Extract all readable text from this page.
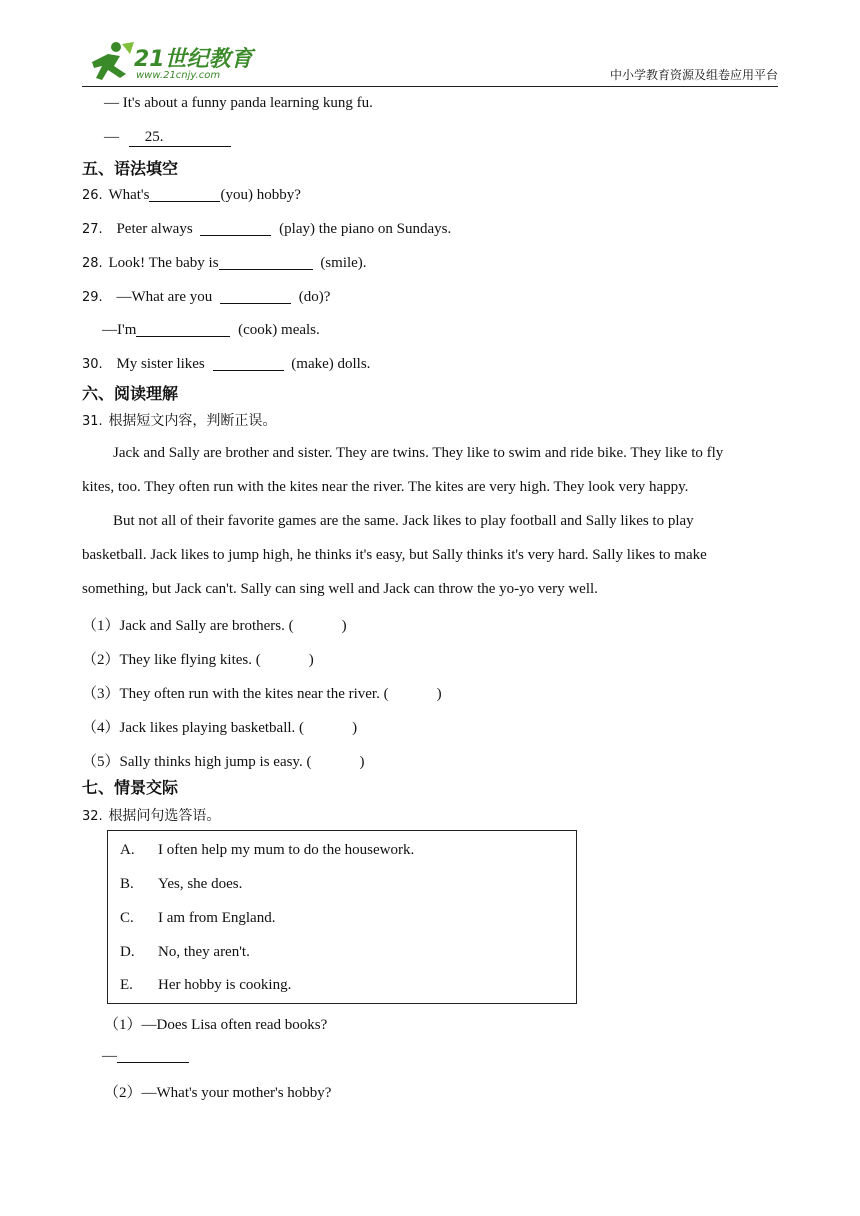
21世纪教育
www.21cnjy.com	中小学教育资源及组卷应用平台
— It's about a funny panda learning kung fu.
— 25.
五、语法填空
26. What's	(you) hobby?
27. Peter always	(play) the piano on Sundays.
28. Look! The baby is	(smile).
29. —What are you	(do)?
—I'm	(cook) meals.
30. My sister likes	(make) dolls.
六、阅读理解
31. 根据短文内容，判断正误。
Jack and Sally are brother and sister. They are twins. They like to swim and ride bike. They like to fly
kites, too. They often run with the kites near the river. The kites are very high. They look very happy.
But not all of their favorite games are the same. Jack likes to play football and Sally likes to play
basketball. Jack likes to jump high, he thinks it's easy, but Sally thinks it's very hard. Sally likes to make
something, but Jack can't. Sally can sing well and Jack can throw the yo-yo very well.
（1）Jack and Sally are brothers. (	)
（2）They like flying kites. (	)
（3）They often run with the kites near the river. (	)
（4）Jack likes playing basketball. (	)
（5）Sally thinks high jump is easy. (	)
七、情景交际
32. 根据问句选答语。
A. I often help my mum to do the housework.
B. Yes, she does.
C. I am from England.
D. No, they aren't.
E. Her hobby is cooking.
（1）—Does Lisa often read books?
—
（2）—What's your mother's hobby?
